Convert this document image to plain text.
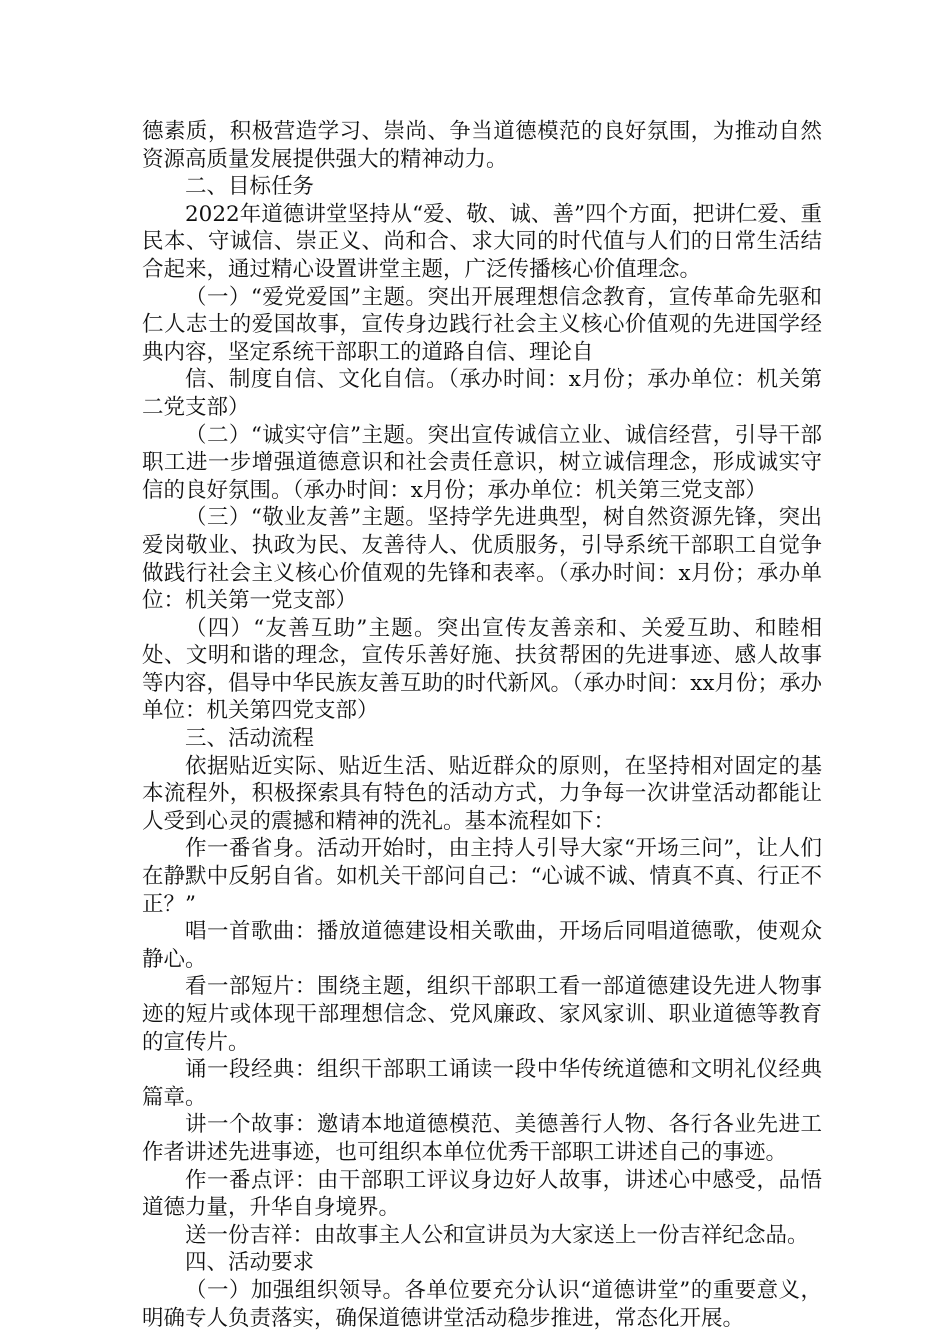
德素质，积极营造学习、崇尚、争当道德模范的良好氛围，为推动自然资源高质量发展提供强大的精神动力。

二、目标任务

2022年道德讲堂坚持从“爱、敬、诚、善”四个方面，把讲仁爱、重民本、守诚信、崇正义、尚和合、求大同的时代值与人们的日常生活结合起来，通过精心设置讲堂主题，广泛传播核心价值理念。

（一）“爱党爱国”主题。突出开展理想信念教育，宣传革命先驱和仁人志士的爱国故事，宣传身边践行社会主义核心价值观的先进国学经典内容，坚定系统干部职工的道路自信、理论自

信、制度自信、文化自信。（承办时间：x月份；承办单位：机关第二党支部）

（二）“诚实守信”主题。突出宣传诚信立业、诚信经营，引导干部职工进一步增强道德意识和社会责任意识，树立诚信理念，形成诚实守信的良好氛围。（承办时间：x月份；承办单位：机关第三党支部）

（三）“敬业友善”主题。坚持学先进典型，树自然资源先锋，突出爱岗敬业、执政为民、友善待人、优质服务，引导系统干部职工自觉争做践行社会主义核心价值观的先锋和表率。（承办时间：x月份；承办单位：机关第一党支部）

（四）“友善互助”主题。突出宣传友善亲和、关爱互助、和睦相处、文明和谐的理念，宣传乐善好施、扶贫帮困的先进事迹、感人故事等内容，倡导中华民族友善互助的时代新风。（承办时间：xx月份；承办单位：机关第四党支部）

三、活动流程

依据贴近实际、贴近生活、贴近群众的原则，在坚持相对固定的基本流程外，积极探索具有特色的活动方式，力争每一次讲堂活动都能让人受到心灵的震撼和精神的洗礼。基本流程如下：

作一番省身。活动开始时，由主持人引导大家“开场三问”，让人们在静默中反躬自省。如机关干部问自己：“心诚不诚、情真不真、行正不正？”

唱一首歌曲：播放道德建设相关歌曲，开场后同唱道德歌，使观众静心。

看一部短片：围绕主题，组织干部职工看一部道德建设先进人物事迹的短片或体现干部理想信念、党风廉政、家风家训、职业道德等教育的宣传片。

诵一段经典：组织干部职工诵读一段中华传统道德和文明礼仪经典篇章。

讲一个故事：邀请本地道德模范、美德善行人物、各行各业先进工作者讲述先进事迹，也可组织本单位优秀干部职工讲述自己的事迹。

作一番点评：由干部职工评议身边好人故事，讲述心中感受，品悟道德力量，升华自身境界。

送一份吉祥：由故事主人公和宣讲员为大家送上一份吉祥纪念品。

四、活动要求

（一）加强组织领导。各单位要充分认识“道德讲堂”的重要意义，明确专人负责落实，确保道德讲堂活动稳步推进，常态化开展。
